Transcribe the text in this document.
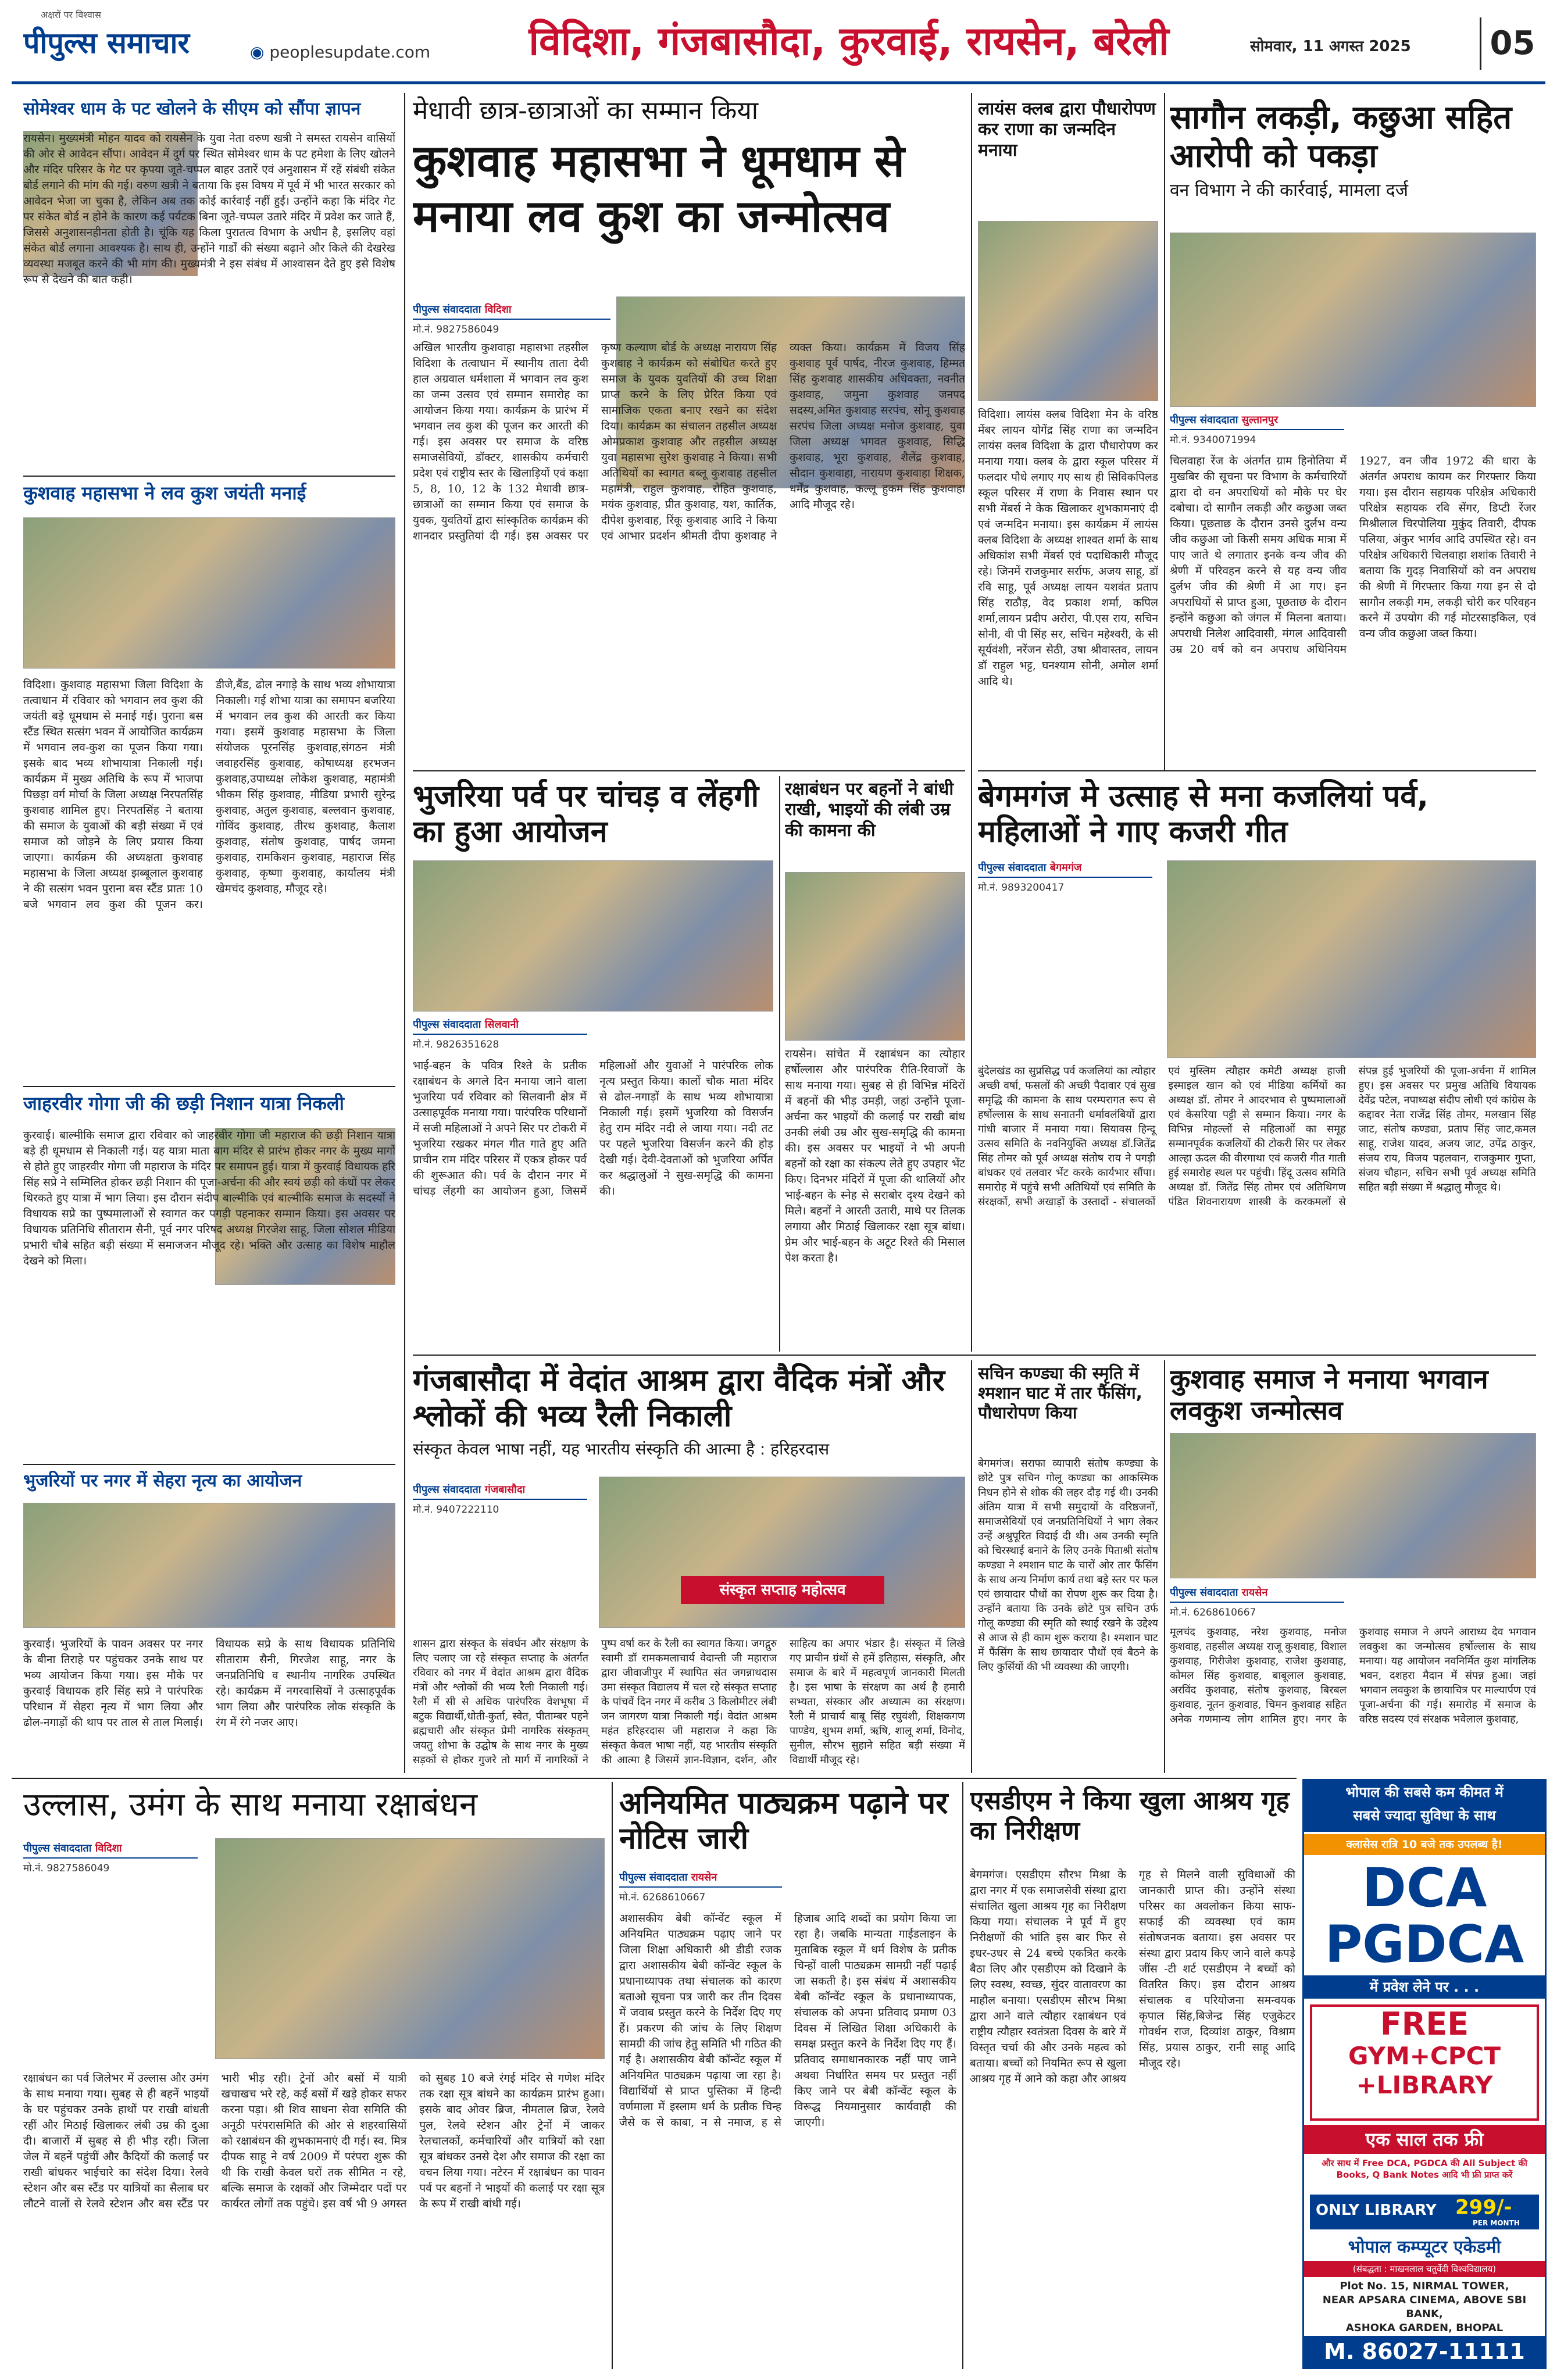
पीपुल्स समाचार
अक्षरों पर विश्वास
◉ peoplesupdate.com	विदिशा, गंजबासौदा, कुरवाई, रायसेन, बरेली	सोमवार, 11 अगस्त 2025	05
सोमेश्वर धाम के पट खोलने के सीएम को सौंपा ज्ञापन
रायसेन। मुख्यमंत्री मोहन यादव को रायसेन के युवा नेता वरुण खत्री ने समस्त रायसेन वासियों की ओर से आवेदन सौंपा। आवेदन में दुर्ग पर स्थित सोमेश्वर धाम के पट हमेशा के लिए खोलने और मंदिर परिसर के गेट पर कृपया जूते-चप्पल बाहर उतारें एवं अनुशासन में रहें संबंधी संकेत बोर्ड लगाने की मांग की गई। वरुण खत्री ने बताया कि इस विषय में पूर्व में भी भारत सरकार को आवेदन भेजा जा चुका है, लेकिन अब तक कोई कार्रवाई नहीं हुई। उन्होंने कहा कि मंदिर गेट पर संकेत बोर्ड न होने के कारण कई पर्यटक बिना जूते-चप्पल उतारे मंदिर में प्रवेश कर जाते हैं, जिससे अनुशासनहीनता होती है। चूंकि यह किला पुरातत्व विभाग के अधीन है, इसलिए वहां संकेत बोर्ड लगाना आवश्यक है। साथ ही, उन्होंने गार्डों की संख्या बढ़ाने और किले की देखरेख व्यवस्था मजबूत करने की भी मांग की। मुख्यमंत्री ने इस संबंध में आश्वासन देते हुए इसे विशेष रूप से देखने की बात कही।
कुशवाह महासभा ने लव कुश जयंती मनाई
विदिशा। कुशवाह महासभा जिला विदिशा के तत्वाधान में रविवार को भगवान लव कुश की जयंती बड़े धूमधाम से मनाई गई। पुराना बस स्टैंड स्थित सत्संग भवन में आयोजित कार्यक्रम में भगवान लव-कुश का पूजन किया गया। इसके बाद भव्य शोभायात्रा निकाली गई। कार्यक्रम में मुख्य अतिथि के रूप में भाजपा पिछड़ा वर्ग मोर्चा के जिला अध्यक्ष निरपतसिंह कुशवाह शामिल हुए। निरपतसिंह ने बताया की समाज के युवाओं की बड़ी संख्या में एवं समाज को जोड़ने के लिए प्रयास किया जाएगा। कार्यक्रम की अध्यक्षता कुशवाह महासभा के जिला अध्यक्ष झब्बूलाल कुशवाह ने की सत्संग भवन पुराना बस स्टैंड प्रातः 10 बजे भगवान लव कुश की पूजन कर। डीजे,बैंड, ढोल नगाड़े के साथ भव्य शोभायात्रा निकाली। गई शोभा यात्रा का समापन बजरिया में भगवान लव कुश की आरती कर किया गया। इसमें कुशवाह महासभा के जिला संयोजक पूरनसिंह कुशवाह,संगठन मंत्री जवाहरसिंह कुशवाह, कोषाध्यक्ष हरभजन कुशवाह,उपाध्यक्ष लोकेश कुशवाह, महामंत्री भीकम सिंह कुशवाह, मीडिया प्रभारी सुरेन्द्र कुशवाह, अतुल कुशवाह, बल्लवान कुशवाह, गोविंद कुशवाह, तीरथ कुशवाह, कैलाश कुशवाह, संतोष कुशवाह, पार्षद जमना कुशवाह, रामकिशन कुशवाह, महाराज सिंह कुशवाह, कृष्णा कुशवाह, कार्यालय मंत्री खेमचंद कुशवाह, मौजूद रहे।
जाहरवीर गोगा जी की छड़ी निशान यात्रा निकली
कुरवाई। बाल्मीकि समाज द्वारा रविवार को जाहरवीर गोगा जी महाराज की छड़ी निशान यात्रा बड़े ही धूमधाम से निकाली गई। यह यात्रा माता बाग मंदिर से प्रारंभ होकर नगर के मुख्य मार्गों से होते हुए जाहरवीर गोगा जी महाराज के मंदिर पर समापन हुई। यात्रा में कुरवाई विधायक हरि सिंह सप्रे ने सम्मिलित होकर छड़ी निशान की पूजा-अर्चना की और स्वयं छड़ी को कंधों पर लेकर थिरकते हुए यात्रा में भाग लिया। इस दौरान संदीप बाल्मीकि एवं बाल्मीकि समाज के सदस्यों ने विधायक सप्रे का पुष्पमालाओं से स्वागत कर पगड़ी पहनाकर सम्मान किया। इस अवसर पर विधायक प्रतिनिधि सीताराम सैनी, पूर्व नगर परिषद अध्यक्ष गिरजेश साहू, जिला सोशल मीडिया प्रभारी चौबे सहित बड़ी संख्या में समाजजन मौजूद रहे। भक्ति और उत्साह का विशेष माहौल देखने को मिला।
भुजरियों पर नगर में सेहरा नृत्य का आयोजन
कुरवाई। भुजरियों के पावन अवसर पर नगर के बीना तिराहे पर पहुंचकर उनके साथ पर भव्य आयोजन किया गया। इस मौके पर कुरवाई विधायक हरि सिंह सप्रे ने पारंपरिक परिधान में सेहरा नृत्य में भाग लिया और ढोल-नगाड़ों की थाप पर ताल से ताल मिलाई। विधायक सप्रे के साथ विधायक प्रतिनिधि सीताराम सैनी, गिरजेश साहू, नगर के जनप्रतिनिधि व स्थानीय नागरिक उपस्थित रहे। कार्यक्रम में नगरवासियों ने उत्साहपूर्वक भाग लिया और पारंपरिक लोक संस्कृति के रंग में रंगे नजर आए।
मेधावी छात्र-छात्राओं का सम्मान किया
कुशवाह महासभा ने धूमधाम से मनाया लव कुश का जन्मोत्सव
पीपुल्स संवाददाता विदिशा
मो.नं. 9827586049
अखिल भारतीय कुशवाहा महासभा तहसील विदिशा के तत्वाधान में स्थानीय ताता देवी हाल अग्रवाल धर्मशाला में भगवान लव कुश का जन्म उत्सव एवं सम्मान समारोह का आयोजन किया गया। कार्यक्रम के प्रारंभ में भगवान लव कुश की पूजन कर आरती की गई। इस अवसर पर समाज के वरिष्ठ समाजसेवियों, डॉक्टर, शासकीय कर्मचारी प्रदेश एवं राष्ट्रीय स्तर के खिलाड़ियों एवं कक्षा 5, 8, 10, 12 के 132 मेधावी छात्र-छात्राओं का सम्मान किया एवं समाज के युवक, युवतियों द्वारा सांस्कृतिक कार्यक्रम की शानदार प्रस्तुतियां दी गई। इस अवसर पर कृष्ण कल्याण बोर्ड के अध्यक्ष नारायण सिंह कुशवाह ने कार्यक्रम को संबोधित करते हुए समाज के युवक युवतियों की उच्च शिक्षा प्राप्त करने के लिए प्रेरित किया एवं सामाजिक एकता बनाए रखने का संदेश दिया। कार्यक्रम का संचालन तहसील अध्यक्ष ओमप्रकाश कुशवाह और तहसील अध्यक्ष युवा महासभा सुरेश कुशवाह ने किया। सभी अतिथियों का स्वागत बब्लू कुशवाह तहसील महामंत्री, राहुल कुशवाह, रोहित कुशवाह, मयंक कुशवाह, प्रीत कुशवाह, यश, कार्तिक, दीपेश कुशवाह, रिंकू कुशवाह आदि ने किया एवं आभार प्रदर्शन श्रीमती दीपा कुशवाह ने व्यक्त किया। कार्यक्रम में विजय सिंह कुशवाह पूर्व पार्षद, नीरज कुशवाह, हिम्मत सिंह कुशवाह शासकीय अधिवक्ता, नवनीत कुशवाह, जमुना कुशवाह जनपद सदस्य,अमित कुशवाह सरपंच, सोनू कुशवाह सरपंच जिला अध्यक्ष मनोज कुशवाह, युवा जिला अध्यक्ष भगवत कुशवाह, सिद्धि कुशवाह, भूरा कुशवाह, शैलेंद्र कुशवाह, सौदान कुशवाहा, नारायण कुशवाहा शिक्षक, धर्मेंद्र कुशवाह, कल्लू हुकम सिंह कुशवाहा आदि मौजूद रहे।
भुजरिया पर्व पर चांचड़ व लेंहगी का हुआ आयोजन
पीपुल्स संवाददाता सिलवानी
मो.नं. 9826351628
भाई-बहन के पवित्र रिश्ते के प्रतीक रक्षाबंधन के अगले दिन मनाया जाने वाला भुजरिया पर्व रविवार को सिलवानी क्षेत्र में उत्साहपूर्वक मनाया गया। पारंपरिक परिधानों में सजी महिलाओं ने अपने सिर पर टोकरी में भुजरिया रखकर मंगल गीत गाते हुए अति प्राचीन राम मंदिर परिसर में एकत्र होकर पर्व की शुरूआत की। पर्व के दौरान नगर में चांचड़ लेंहगी का आयोजन हुआ, जिसमें महिलाओं और युवाओं ने पारंपरिक लोक नृत्य प्रस्तुत किया। कालों चौक माता मंदिर से ढोल-नगाड़ों के साथ भव्य शोभायात्रा निकाली गई। इसमें भुजरिया को विसर्जन हेतु राम मंदिर नदी ले जाया गया। नदी तट पर पहले भुजरिया विसर्जन करने की होड़ देखी गई। देवी-देवताओं को भुजरिया अर्पित कर श्रद्धालुओं ने सुख-समृद्धि की कामना की।
रक्षाबंधन पर बहनों ने बांधी राखी, भाइयों की लंबी उम्र की कामना की
रायसेन। सांचेत में रक्षाबंधन का त्योहार हर्षोल्लास और पारंपरिक रीति-रिवाजों के साथ मनाया गया। सुबह से ही विभिन्न मंदिरों में बहनों की भीड़ उमड़ी, जहां उन्होंने पूजा-अर्चना कर भाइयों की कलाई पर राखी बांध उनकी लंबी उम्र और सुख-समृद्धि की कामना की। इस अवसर पर भाइयों ने भी अपनी बहनों को रक्षा का संकल्प लेते हुए उपहार भेंट किए। दिनभर मंदिरों में पूजा की थालियों और भाई-बहन के स्नेह से सराबोर दृश्य देखने को मिले। बहनों ने आरती उतारी, माथे पर तिलक लगाया और मिठाई खिलाकर रक्षा सूत्र बांधा। प्रेम और भाई-बहन के अटूट रिश्ते की मिसाल पेश करता है।
लायंस क्लब द्वारा पौधारोपण कर राणा का जन्मदिन मनाया
विदिशा। लायंस क्लब विदिशा मेन के वरिष्ठ मेंबर लायन योगेंद्र सिंह राणा का जन्मदिन लायंस क्लब विदिशा के द्वारा पौधारोपण कर मनाया गया। क्लब के द्वारा स्कूल परिसर में फलदार पौधे लगाए गए साथ ही सिविकपिलड स्कूल परिसर में राणा के निवास स्थान पर सभी मेंबर्स ने केक खिलाकर शुभकामनाएं दी एवं जन्मदिन मनाया। इस कार्यक्रम में लायंस क्लब विदिशा के अध्यक्ष शाश्वत शर्मा के साथ अधिकांश सभी मेंबर्स एवं पदाधिकारी मौजूद रहे। जिनमें राजकुमार सर्राफ, अजय साहू, डॉ रवि साहू, पूर्व अध्यक्ष लायन यशवंत प्रताप सिंह राठौड़, वेद प्रकाश शर्मा, कपिल शर्मा,लायन प्रदीप अरोरा, पी.एस राय, सचिन सोनी, वी पी सिंह सर, सचिन महेश्वरी, के सी सूर्यवंशी, नरेंजन सेठी, उषा श्रीवास्तव, लायन डॉ राहुल भट्ट, घनश्याम सोनी, अमोल शर्मा आदि थे।
सागौन लकड़ी, कछुआ सहित आरोपी को पकड़ा
वन विभाग ने की कार्रवाई, मामला दर्ज
पीपुल्स संवाददाता सुल्तानपुर
मो.नं. 9340071994
चिलवाहा रेंज के अंतर्गत ग्राम हिनोतिया में मुखबिर की सूचना पर विभाग के कर्मचारियों द्वारा दो वन अपराधियों को मौके पर घेर दबोचा। दो सागौन लकड़ी और कछुआ जब्त किया। पूछताछ के दौरान उनसे दुर्लभ वन्य जीव कछुआ जो किसी समय अधिक मात्रा में पाए जाते थे लगातार इनके वन्य जीव की श्रेणी में परिवहन करने से यह वन्य जीव दुर्लभ जीव की श्रेणी में आ गए। इन अपराधियों से प्राप्त हुआ, पूछताछ के दौरान इन्होंने कछुआ को जंगल में मिलना बताया। अपराधी निलेश आदिवासी, मंगल आदिवासी उम्र 20 वर्ष को वन अपराध अधिनियम 1927, वन जीव 1972 की धारा के अंतर्गत अपराध कायम कर गिरफ्तार किया गया। इस दौरान सहायक परिक्षेत्र अधिकारी परिक्षेत्र सहायक रवि सेंगर, डिप्टी रेंजर मिश्रीलाल चिरपोलिया मुकुंद तिवारी, दीपक पलिया, अंकुर भार्गव आदि उपस्थित रहे। वन परिक्षेत्र अधिकारी चिलवाहा शशांक तिवारी ने बताया कि गुदड़ निवासियों को वन अपराध की श्रेणी में गिरफ्तार किया गया इन से दो सागौन लकड़ी गम, लकड़ी चोरी कर परिवहन करने में उपयोग की गई मोटरसाइकिल, एवं वन्य जीव कछुआ जब्त किया।
बेगमगंज मे उत्साह से मना कजलियां पर्व, महिलाओं ने गाए कजरी गीत
पीपुल्स संवाददाता बेगमगंज
मो.नं. 9893200417
बुंदेलखंड का सुप्रसिद्ध पर्व कजलियां का त्योहार अच्छी वर्षा, फसलों की अच्छी पैदावार एवं सुख समृद्धि की कामना के साथ परम्परागत रूप से हर्षोल्लास के साथ सनातनी धर्मावलंबियों द्वारा गांधी बाजार में मनाया गया। सियावस हिन्दू उत्सव समिति के नवनियुक्ति अध्यक्ष डॉ.जितेंद्र सिंह तोमर को पूर्व अध्यक्ष संतोष राय ने पगड़ी बांधकर एवं तलवार भेंट करके कार्यभार सौंपा। समारोह में पहुंचे सभी अतिथियों एवं समिति के संरक्षकों, सभी अखाड़ों के उस्तादों - संचालकों एवं मुस्लिम त्यौहार कमेटी अध्यक्ष हाजी इस्माइल खान को एवं मीडिया कर्मियों का अध्यक्ष डॉ. तोमर ने आदरभाव से पुष्पमालाओं एवं केसरिया पट्टी से सम्मान किया। नगर के विभिन्न मोहल्लों से महिलाओं का समूह सम्मानपूर्वक कजलियों की टोकरी सिर पर लेकर आल्हा ऊदल की वीरगाथा एवं कजरी गीत गाती हुई समारोह स्थल पर पहुंची। हिंदू उत्सव समिति अध्यक्ष डॉ. जितेंद्र सिंह तोमर एवं अतिथिगण पंडित शिवनारायण शास्त्री के करकमलों से संपन्न हुई भुजरियों की पूजा-अर्चना में शामिल हुए। इस अवसर पर प्रमुख अतिथि वियायक देवेंद्र पटेल, नपाध्यक्ष संदीप लोधी एवं कांग्रेस के कद्दावर नेता राजेंद्र सिंह तोमर, मलखान सिंह जाट, संतोष कण्ड्या, प्रताप सिंह जाट,कमल साहू, राजेश यादव, अजय जाट, उपेंद्र ठाकुर, संजय राय, विजय पहलवान, राजकुमार गुप्ता, संजय चौहान, सचिन सभी पूर्व अध्यक्ष समिति सहित बड़ी संख्या में श्रद्धालु मौजूद थे।
गंजबासौदा में वेदांत आश्रम द्वारा वैदिक मंत्रों और श्लोकों की भव्य रैली निकाली
संस्कृत केवल भाषा नहीं, यह भारतीय संस्कृति की आत्मा है : हरिहरदास
पीपुल्स संवाददाता गंजबासौदा
मो.नं. 9407222110
संस्कृत सप्ताह महोत्सव
शासन द्वारा संस्कृत के संवर्धन और संरक्षण के लिए चलाए जा रहे संस्कृत सप्ताह के अंतर्गत रविवार को नगर में वेदांत आश्रम द्वारा वैदिक मंत्रों और श्लोकों की भव्य रैली निकाली गई। रैली में सी से अधिक पारंपरिक वेशभूषा में बटुक विद्यार्थी,धोती-कुर्ता, स्वेत, पीताम्बर पहने ब्रह्मचारी और संस्कृत प्रेमी नागरिक संस्कृतम् जयतु शोभा के उद्घोष के साथ नगर के मुख्य सड़कों से होकर गुजरे तो मार्ग में नागरिकों ने पुष्प वर्षा कर के रैली का स्वागत किया। जगद्गुरु स्वामी डॉ रामकमलाचार्य वेदान्ती जी महाराज द्वारा जीवाजीपुर में स्थापित संत जगन्नाथदास उमा संस्कृत विद्यालय में चल रहे संस्कृत सप्ताह के पांचवें दिन नगर में करीब 3 किलोमीटर लंबी जन जागरण यात्रा निकाली गई। वेदांत आश्रम महंत हरिहरदास जी महाराज ने कहा कि संस्कृत केवल भाषा नहीं, यह भारतीय संस्कृति की आत्मा है जिसमें ज्ञान-विज्ञान, दर्शन, और साहित्य का अपार भंडार है। संस्कृत में लिखे गए प्राचीन ग्रंथों से हमें इतिहास, संस्कृति, और समाज के बारे में महत्वपूर्ण जानकारी मिलती है। इस भाषा के संरक्षण का अर्थ है हमारी सभ्यता, संस्कार और अध्यात्म का संरक्षण। रैली में प्राचार्य बाबू सिंह रघुवंशी, शिक्षकगण पाण्डेय, शुभम शर्मा, ऋषि, शालू शर्मा, विनोद, सुनील, सौरभ सुहाने सहित बड़ी संख्या में विद्यार्थी मौजूद रहे।
सचिन कण्ड्या की स्मृति में श्मशान घाट में तार फैंसिंग, पौधारोपण किया
बेगमगंज। सराफा व्यापारी संतोष कण्ड्या के छोटे पुत्र सचिन गोलू कण्ड्या का आकस्मिक निधन होने से शोक की लहर दौड़ गई थी। उनकी अंतिम यात्रा में सभी समुदायों के वरिष्ठजनों, समाजसेवियों एवं जनप्रतिनिधियों ने भाग लेकर उन्हें अश्रुपूरित विदाई दी थी। अब उनकी स्मृति को चिरस्थाई बनाने के लिए उनके पिताश्री संतोष कण्ड्या ने श्मशान घाट के चारों ओर तार फैंसिंग के साथ अन्य निर्माण कार्य तथा बड़े स्तर पर फल एवं छायादार पौधों का रोपण शुरू कर दिया है। उन्होंने बताया कि उनके छोटे पुत्र सचिन उर्फ गोलू कण्ड्या की स्मृति को स्थाई रखने के उद्देश्य से आज से ही काम शुरू कराया है। श्मशान घाट में फैंसिंग के साथ छायादार पौधों एवं बैठने के लिए कुर्सियों की भी व्यवस्था की जाएगी।
कुशवाह समाज ने मनाया भगवान लवकुश जन्मोत्सव
पीपुल्स संवाददाता रायसेन
मो.नं. 6268610667
मूलचंद कुशवाह, नरेश कुशवाह, मनोज कुशवाह, तहसील अध्यक्ष राजू कुशवाह, विशाल कुशवाह, गिरीजेश कुशवाह, राजेश कुशवाह, कोमल सिंह कुशवाह, बाबूलाल कुशवाह, अरविंद कुशवाह, संतोष कुशवाह, बिरबल कुशवाह, नूतन कुशवाह, चिमन कुशवाह सहित अनेक गणमान्य लोग शामिल हुए। नगर के कुशवाह समाज ने अपने आराध्य देव भगवान लवकुश का जन्मोत्सव हर्षोल्लास के साथ मनाया। यह आयोजन नवनिर्मित कुश मांगलिक भवन, दशहरा मैदान में संपन्न हुआ। जहां भगवान लवकुश के छायाचित्र पर माल्यार्पण एवं पूजा-अर्चना की गई। समारोह में समाज के वरिष्ठ सदस्य एवं संरक्षक भवेलाल कुशवाह,
उल्लास, उमंग के साथ मनाया रक्षाबंधन
पीपुल्स संवाददाता विदिशा
मो.नं. 9827586049
रक्षाबंधन का पर्व जिलेभर में उल्लास और उमंग के साथ मनाया गया। सुबह से ही बहनें भाइयों के घर पहुंचकर उनके हाथों पर राखी बांधती रहीं और मिठाई खिलाकर लंबी उम्र की दुआ दी। बाजारों में सुबह से ही भीड़ रही। जिला जेल में बहनें पहुंचीं और कैदियों की कलाई पर राखी बांधकर भाईचारे का संदेश दिया। रेलवे स्टेशन और बस स्टैंड पर यात्रियों का सैलाब घर लौटने वालों से रेलवे स्टेशन और बस स्टैंड पर भारी भीड़ रही। ट्रेनों और बसों में यात्री खचाखच भरे रहे, कई बसों में खड़े होकर सफर करना पड़ा। श्री शिव साधना सेवा समिति की अनूठी परंपरासमिति की ओर से शहरवासियों को रक्षाबंधन की शुभकामनाएं दी गई। स्व. मित्र दीपक साहू ने वर्ष 2009 में परंपरा शुरू की थी कि राखी केवल घरों तक सीमित न रहे, बल्कि समाज के रक्षकों और जिम्मेदार पदों पर कार्यरत लोगों तक पहुंचे। इस वर्ष भी 9 अगस्त को सुबह 10 बजे रंगई मंदिर से गणेश मंदिर तक रक्षा सूत्र बांधने का कार्यक्रम प्रारंभ हुआ। इसके बाद ओवर ब्रिज, नीमताल ब्रिज, रेलवे पुल, रेलवे स्टेशन और ट्रेनों में जाकर रेलचालकों, कर्मचारियों और यात्रियों को रक्षा सूत्र बांधकर उनसे देश और समाज की रक्षा का वचन लिया गया। नटेरन में रक्षाबंधन का पावन पर्व पर बहनों ने भाइयों की कलाई पर रक्षा सूत्र के रूप में राखी बांधी गई।
अनियमित पाठ्यक्रम पढ़ाने पर नोटिस जारी
पीपुल्स संवाददाता रायसेन
मो.नं. 6268610667
अशासकीय बेबी कॉन्वेंट स्कूल में अनियमित पाठ्यक्रम पढ़ाए जाने पर जिला शिक्षा अधिकारी श्री डीडी रजक द्वारा अशासकीय बेबी कॉन्वेंट स्कूल के प्रधानाध्यापक तथा संचालक को कारण बताओ सूचना पत्र जारी कर तीन दिवस में जवाब प्रस्तुत करने के निर्देश दिए गए हैं। प्रकरण की जांच के लिए शिक्षण सामग्री की जांच हेतु समिति भी गठित की गई है। अशासकीय बेबी कॉन्वेंट स्कूल में अनियमित पाठ्यक्रम पढ़ाया जा रहा है। विद्यार्थियों से प्राप्त पुस्तिका में हिन्दी वर्णमाला में इस्लाम धर्म के प्रतीक चिन्ह जैसे क से काबा, न से नमाज, ह से हिजाब आदि शब्दों का प्रयोग किया जा रहा है। जबकि मान्यता गाईडलाइन के मुताबिक स्कूल में धर्म विशेष के प्रतीक चिन्हों वाली पाठ्यक्रम सामग्री नहीं पढ़ाई जा सकती है। इस संबंध में अशासकीय बेबी कॉन्वेंट स्कूल के प्रधानाध्यापक, संचालक को अपना प्रतिवाद प्रमाण 03 दिवस में लिखित शिक्षा अधिकारी के समक्ष प्रस्तुत करने के निर्देश दिए गए हैं। प्रतिवाद समाधानकारक नहीं पाए जाने अथवा निर्धारित समय पर प्रस्तुत नहीं किए जाने पर बेबी कॉन्वेंट स्कूल के विरूद्ध नियमानुसार कार्यवाही की जाएगी।
एसडीएम ने किया खुला आश्रय गृह का निरीक्षण
बेगमगंज। एसडीएम सौरभ मिश्रा के द्वारा नगर में एक समाजसेवी संस्था द्वारा संचालित खुला आश्रय गृह का निरीक्षण किया गया। संचालक ने पूर्व में हुए निरीक्षणों की भांति इस बार फिर से इधर-उधर से 24 बच्चे एकत्रित करके बैठा लिए और एसडीएम को दिखाने के लिए स्वस्थ, स्वच्छ, सुंदर वातावरण का माहौल बनाया। एसडीएम सौरभ मिश्रा द्वारा आने वाले त्यौहार रक्षाबंधन एवं राष्ट्रीय त्यौहार स्वतंत्रता दिवस के बारे में विस्तृत चर्चा की और उनके महत्व को बताया। बच्चों को नियमित रूप से खुला आश्रय गृह में आने को कहा और आश्रय गृह से मिलने वाली सुविधाओं की जानकारी प्राप्त की। उन्होंने संस्था परिसर का अवलोकन किया साफ-सफाई की व्यवस्था एवं काम संतोषजनक बताया। इस अवसर पर संस्था द्वारा प्रदाय किए जाने वाले कपड़े जींस -टी शर्ट एसडीएम ने बच्चों को वितरित किए। इस दौरान आश्रय संचालक व परियोजना समन्वयक कृपाल सिंह,बिजेन्द्र सिंह एजुकेटर गोवर्धन राज, दिव्यांश ठाकुर, विश्राम सिंह, प्रयास ठाकुर, रानी साहू आदि मौजूद रहे।
भोपाल की सबसे कम कीमत में
सबसे ज्यादा सुविधा के साथ
क्लासेस रात्रि 10 बजे तक उपलब्ध है!
DCA
PGDCA
में प्रवेश लेने पर . . .
FREE
GYM+CPCT
+LIBRARY
एक साल तक फ्री
और साथ में Free DCA, PGDCA की All Subject की Books, Q Bank Notes आदि भी फ्री प्राप्त करें
ONLY LIBRARY 299/-
PER MONTH
भोपाल कम्प्यूटर एकेडमी
(संबद्धता : माखनलाल चतुर्वेदी विश्वविद्यालय)
Plot No. 15, NIRMAL TOWER,
NEAR APSARA CINEMA, ABOVE SBI BANK,
ASHOKA GARDEN, BHOPAL
M. 86027-11111
